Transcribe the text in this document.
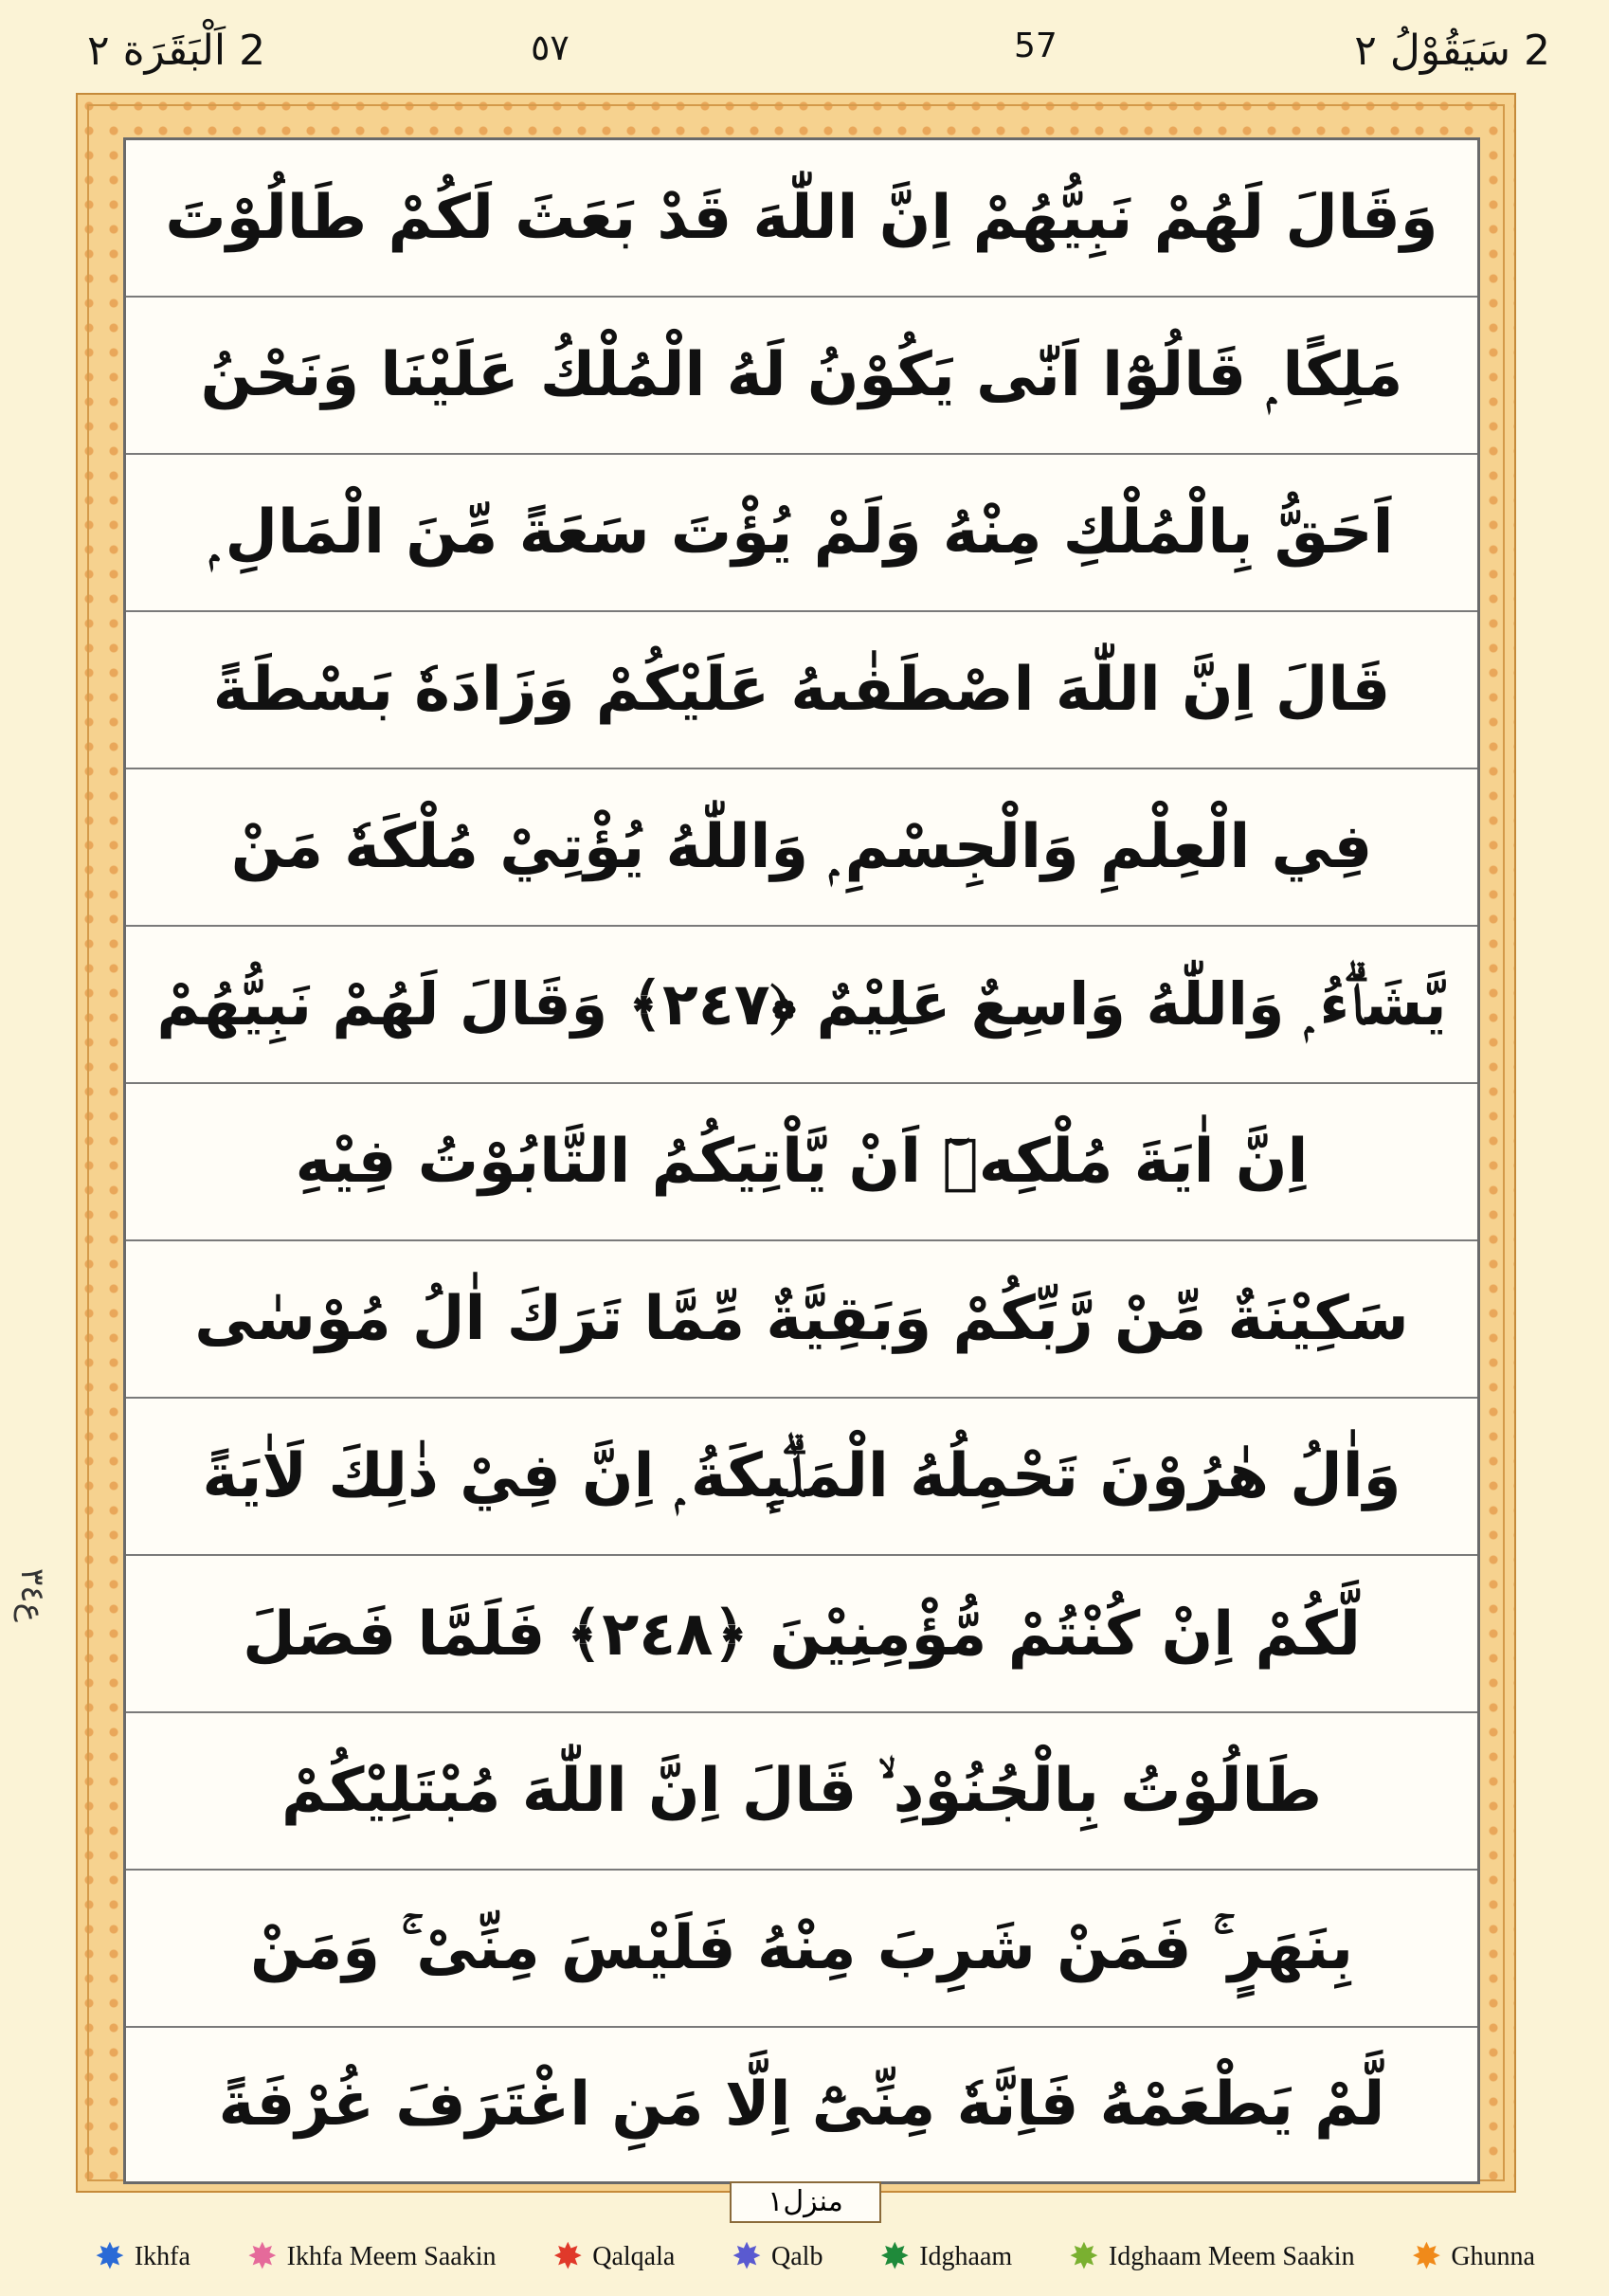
2 سَيَقُوْلُ ٢
57
٥٧
2 اَلْبَقَرَة ٢
ع٣٤
وَقَالَ لَهُمْ نَبِيُّهُمْ اِنَّ اللّٰهَ قَدْ بَعَثَ لَكُمْ طَالُوْتَ
مَلِكًا ۭ قَالُوْٓا اَنّٰى يَكُوْنُ لَهُ الْمُلْكُ عَلَيْنَا وَنَحْنُ
اَحَقُّ بِالْمُلْكِ مِنْهُ وَلَمْ يُؤْتَ سَعَةً مِّنَ الْمَالِ ۭ
قَالَ اِنَّ اللّٰهَ اصْطَفٰىهُ عَلَيْكُمْ وَزَادَهٗ بَسْطَةً
فِي الْعِلْمِ وَالْجِسْمِ ۭ وَاللّٰهُ يُؤْتِيْ مُلْكَهٗ مَنْ
يَّشَاۗءُ ۭ وَاللّٰهُ وَاسِعٌ عَلِيْمٌ ﴿٢٤٧﴾ وَقَالَ لَهُمْ نَبِيُّهُمْ
اِنَّ اٰيَةَ مُلْكِهٖٓ اَنْ يَّاْتِيَكُمُ التَّابُوْتُ فِيْهِ
سَكِيْنَةٌ مِّنْ رَّبِّكُمْ وَبَقِيَّةٌ مِّمَّا تَرَكَ اٰلُ مُوْسٰى
وَاٰلُ هٰرُوْنَ تَحْمِلُهُ الْمَلٰۗىِٕكَةُ ۭ اِنَّ فِيْ ذٰلِكَ لَاٰيَةً
لَّكُمْ اِنْ كُنْتُمْ مُّؤْمِنِيْنَ ﴿٢٤٨﴾ فَلَمَّا فَصَلَ
طَالُوْتُ بِالْجُنُوْدِ ۙ قَالَ اِنَّ اللّٰهَ مُبْتَلِيْكُمْ
بِنَهَرٍ ۚ فَمَنْ شَرِبَ مِنْهُ فَلَيْسَ مِنِّىْ ۚ وَمَنْ
لَّمْ يَطْعَمْهُ فَاِنَّهٗ مِنِّىْٓ اِلَّا مَنِ اغْتَرَفَ غُرْفَةً
منزل١
✸ Ikhfa ✸ Ikhfa Meem Saakin ✸ Qalqala ✸ Qalb ✸ Idghaam ✸ Idghaam Meem Saakin ✸ Ghunna
